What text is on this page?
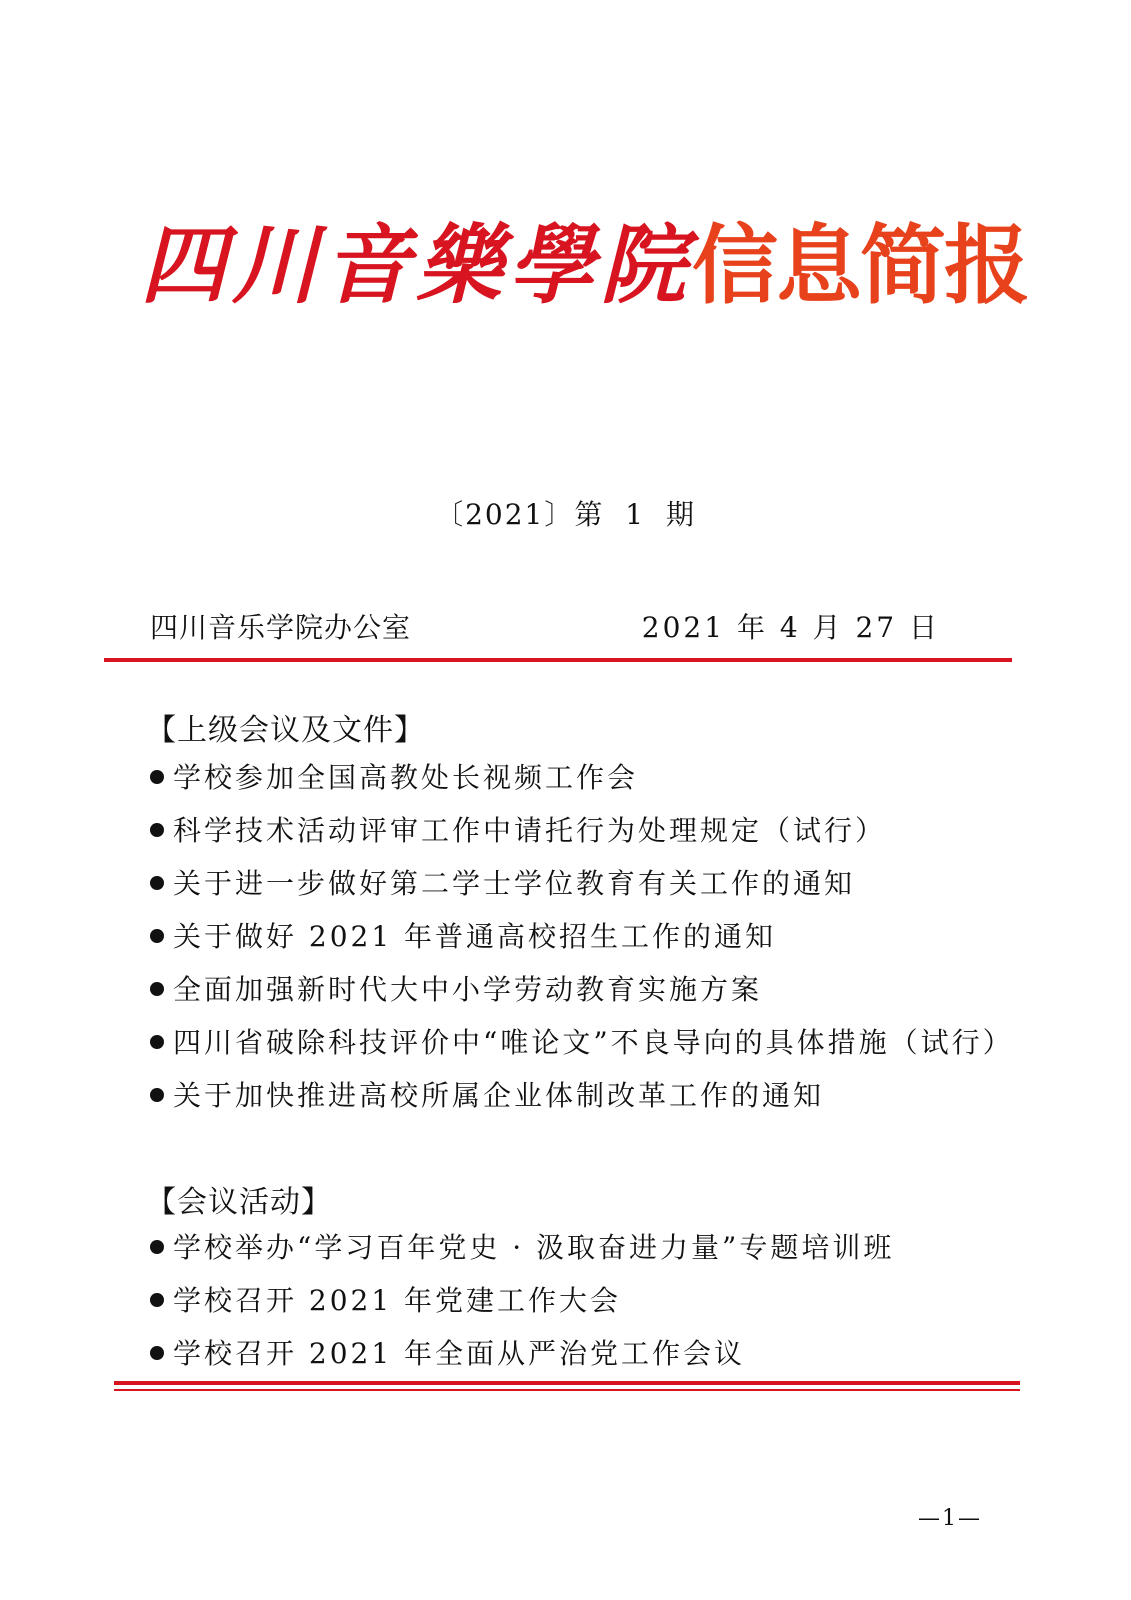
四川音樂學院信息简报
〔2021〕第 1 期
四川音乐学院办公室	2021 年 4 月 27 日
【上级会议及文件】
学校参加全国高教处长视频工作会
科学技术活动评审工作中请托行为处理规定（试行）
关于进一步做好第二学士学位教育有关工作的通知
关于做好 2021 年普通高校招生工作的通知
全面加强新时代大中小学劳动教育实施方案
四川省破除科技评价中“唯论文”不良导向的具体措施（试行）
关于加快推进高校所属企业体制改革工作的通知
【会议活动】
学校举办“学习百年党史 · 汲取奋进力量”专题培训班
学校召开 2021 年党建工作大会
学校召开 2021 年全面从严治党工作会议
—1—
